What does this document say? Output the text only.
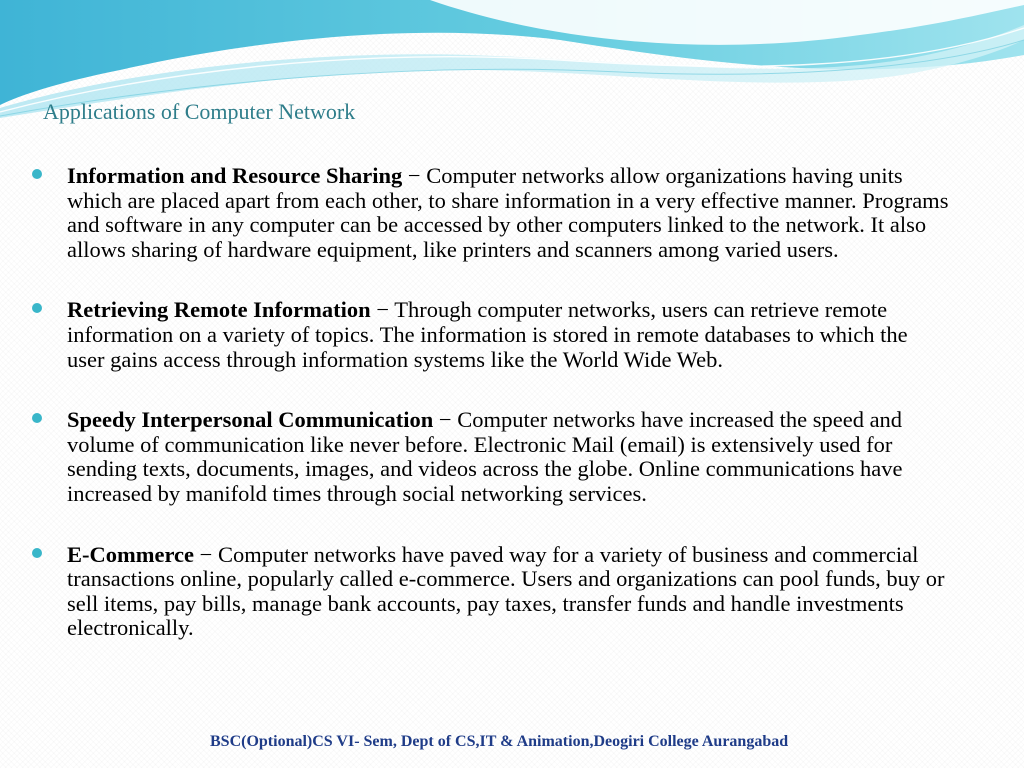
Applications of Computer Network
Information and Resource Sharing − Computer networks allow organizations having units which are placed apart from each other, to share information in a very effective manner. Programs and software in any computer can be accessed by other computers linked to the network. It also allows sharing of hardware equipment, like printers and scanners among varied users.
Retrieving Remote Information − Through computer networks, users can retrieve remote information on a variety of topics. The information is stored in remote databases to which the user gains access through information systems like the World Wide Web.
Speedy Interpersonal Communication − Computer networks have increased the speed and volume of communication like never before. Electronic Mail (email) is extensively used for sending texts, documents, images, and videos across the globe. Online communications have increased by manifold times through social networking services.
E-Commerce − Computer networks have paved way for a variety of business and commercial transactions online, popularly called e-commerce. Users and organizations can pool funds, buy or sell items, pay bills, manage bank accounts, pay taxes, transfer funds and handle investments electronically.
BSC(Optional)CS VI- Sem, Dept of CS,IT & Animation,Deogiri College Aurangabad
